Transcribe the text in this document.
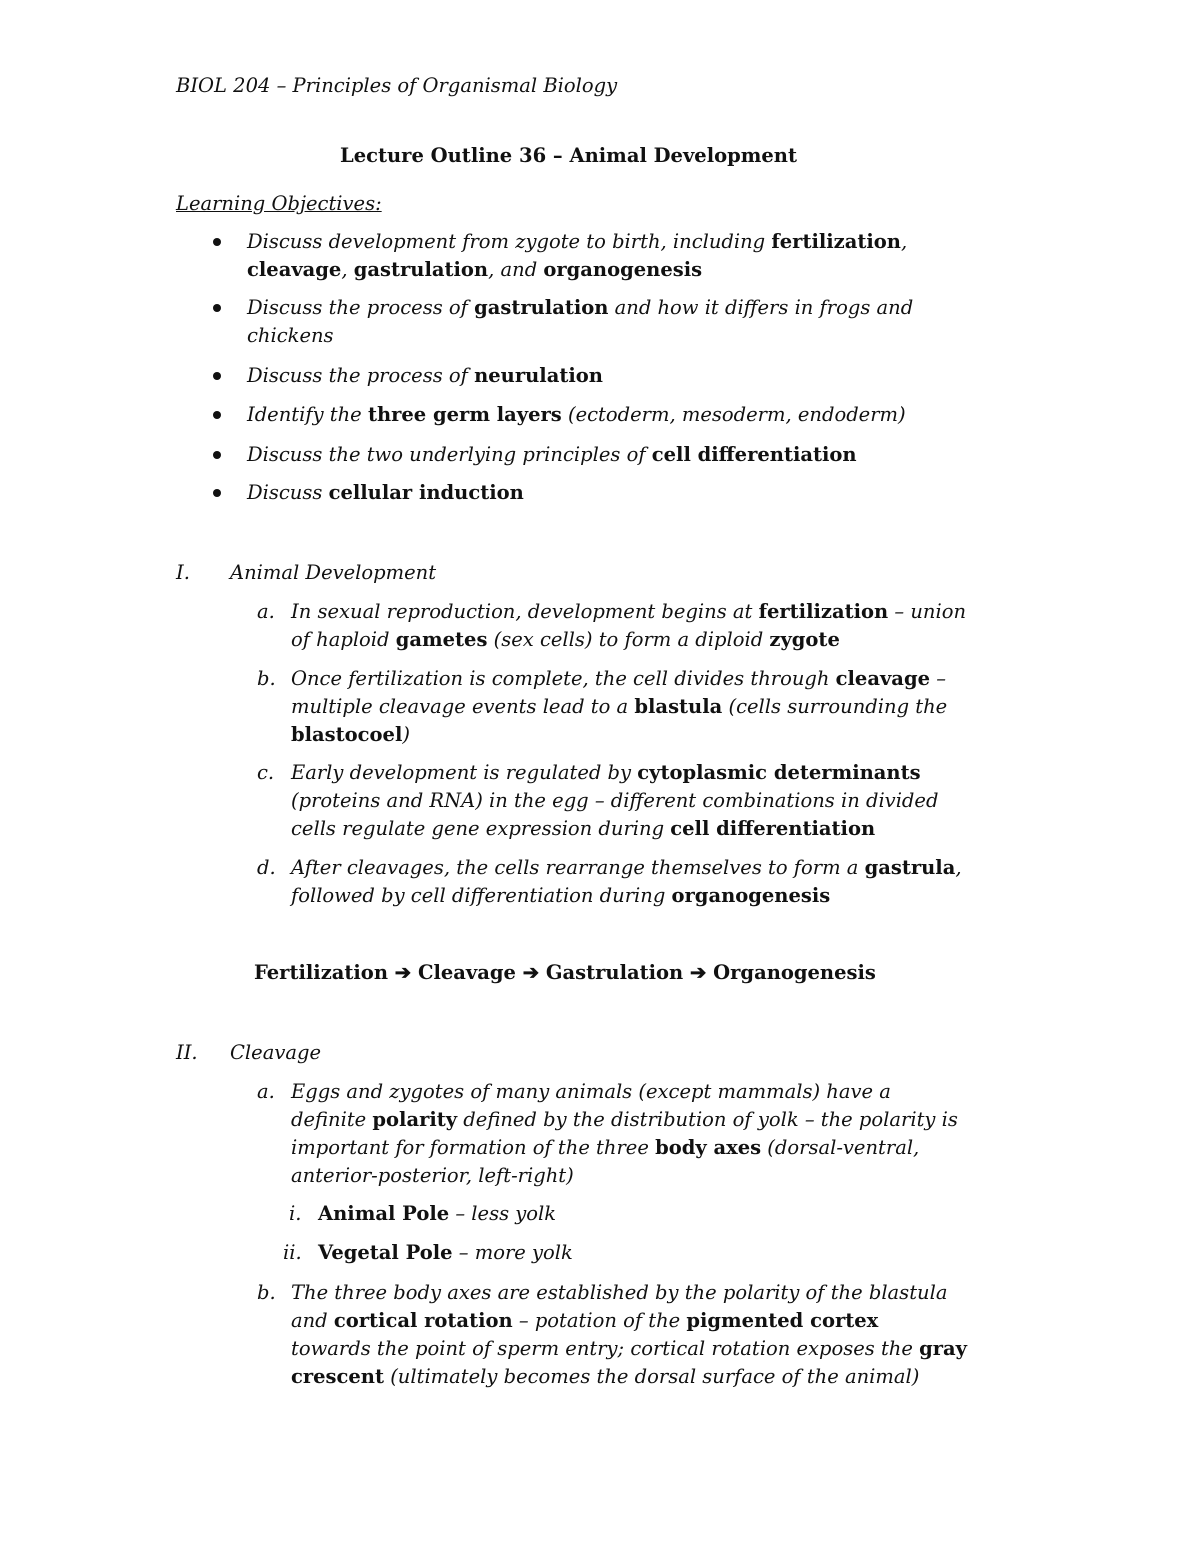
BIOL 204 – Principles of Organismal Biology
Lecture Outline 36 – Animal Development
Learning Objectives:
Discuss development from zygote to birth, including fertilization,
cleavage, gastrulation, and organogenesis
Discuss the process of gastrulation and how it differs in frogs and
chickens
Discuss the process of neurulation
Identify the three germ layers (ectoderm, mesoderm, endoderm)
Discuss the two underlying principles of cell differentiation
Discuss cellular induction
I. Animal Development
a. In sexual reproduction, development begins at fertilization – union
of haploid gametes (sex cells) to form a diploid zygote
b. Once fertilization is complete, the cell divides through cleavage –
multiple cleavage events lead to a blastula (cells surrounding the
blastocoel)
c. Early development is regulated by cytoplasmic determinants
(proteins and RNA) in the egg – different combinations in divided
cells regulate gene expression during cell differentiation
d. After cleavages, the cells rearrange themselves to form a gastrula,
followed by cell differentiation during organogenesis
Fertilization ➔ Cleavage ➔ Gastrulation ➔ Organogenesis
II. Cleavage
a. Eggs and zygotes of many animals (except mammals) have a
definite polarity defined by the distribution of yolk – the polarity is
important for formation of the three body axes (dorsal-ventral,
anterior-posterior, left-right)
i. Animal Pole – less yolk
ii. Vegetal Pole – more yolk
b. The three body axes are established by the polarity of the blastula
and cortical rotation – potation of the pigmented cortex
towards the point of sperm entry; cortical rotation exposes the gray
crescent (ultimately becomes the dorsal surface of the animal)
